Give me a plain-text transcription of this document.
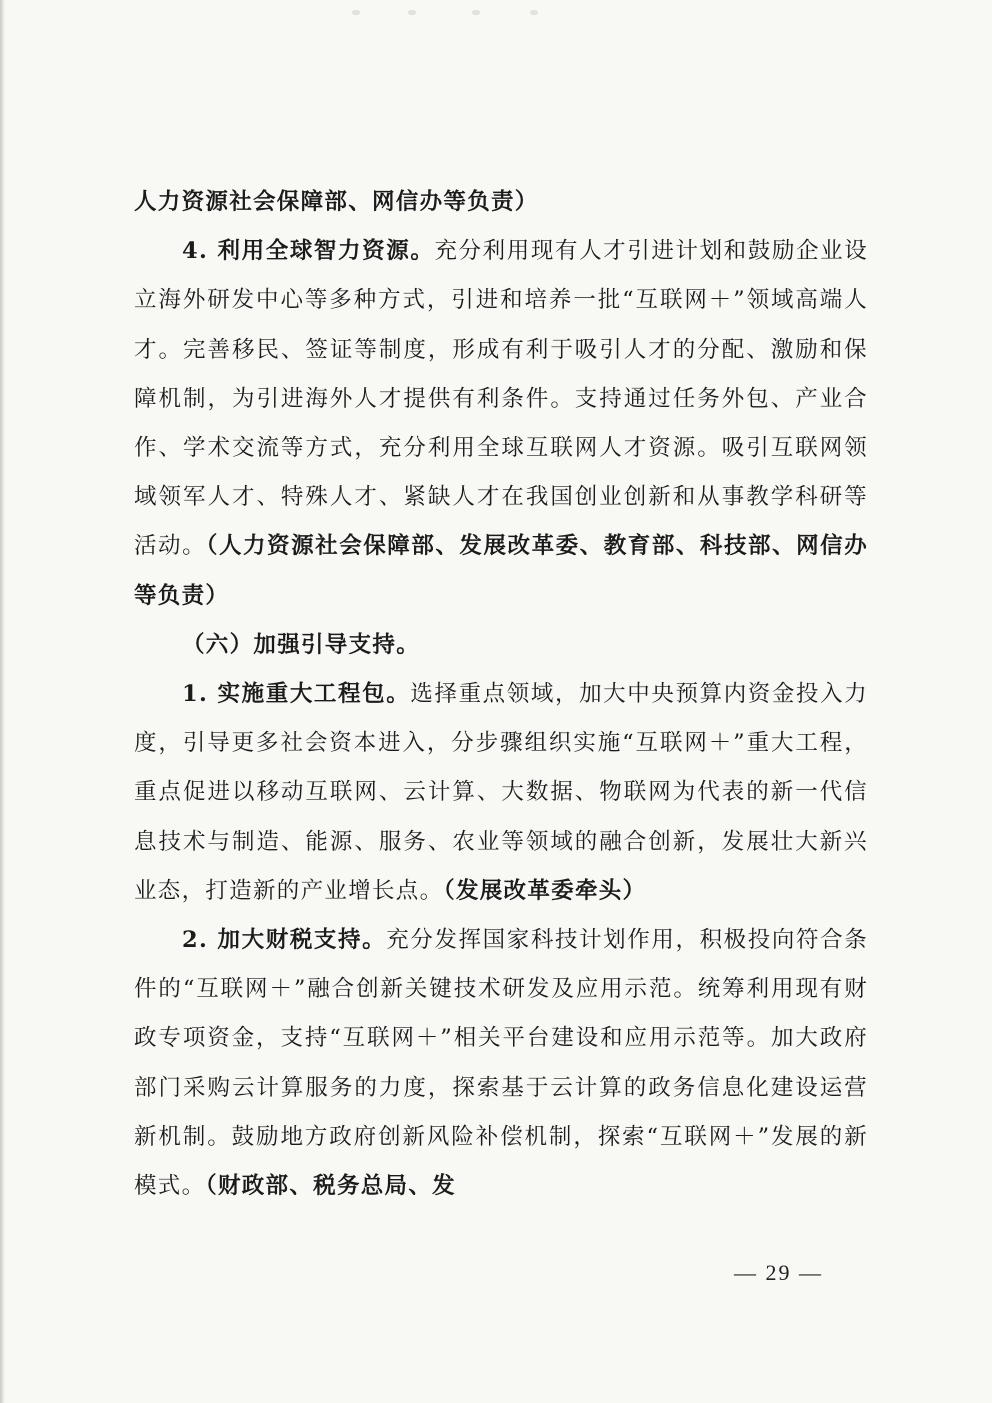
人力资源社会保障部、网信办等负责）

4. 利用全球智力资源。充分利用现有人才引进计划和鼓励企业设立海外研发中心等多种方式，引进和培养一批“互联网＋”领域高端人才。完善移民、签证等制度，形成有利于吸引人才的分配、激励和保障机制，为引进海外人才提供有利条件。支持通过任务外包、产业合作、学术交流等方式，充分利用全球互联网人才资源。吸引互联网领域领军人才、特殊人才、紧缺人才在我国创业创新和从事教学科研等活动。（人力资源社会保障部、发展改革委、教育部、科技部、网信办等负责）

（六）加强引导支持。

1. 实施重大工程包。选择重点领域，加大中央预算内资金投入力度，引导更多社会资本进入，分步骤组织实施“互联网＋”重大工程，重点促进以移动互联网、云计算、大数据、物联网为代表的新一代信息技术与制造、能源、服务、农业等领域的融合创新，发展壮大新兴业态，打造新的产业增长点。（发展改革委牵头）

2. 加大财税支持。充分发挥国家科技计划作用，积极投向符合条件的“互联网＋”融合创新关键技术研发及应用示范。统筹利用现有财政专项资金，支持“互联网＋”相关平台建设和应用示范等。加大政府部门采购云计算服务的力度，探索基于云计算的政务信息化建设运营新机制。鼓励地方政府创新风险补偿机制，探索“互联网＋”发展的新模式。（财政部、税务总局、发

— 29 —
